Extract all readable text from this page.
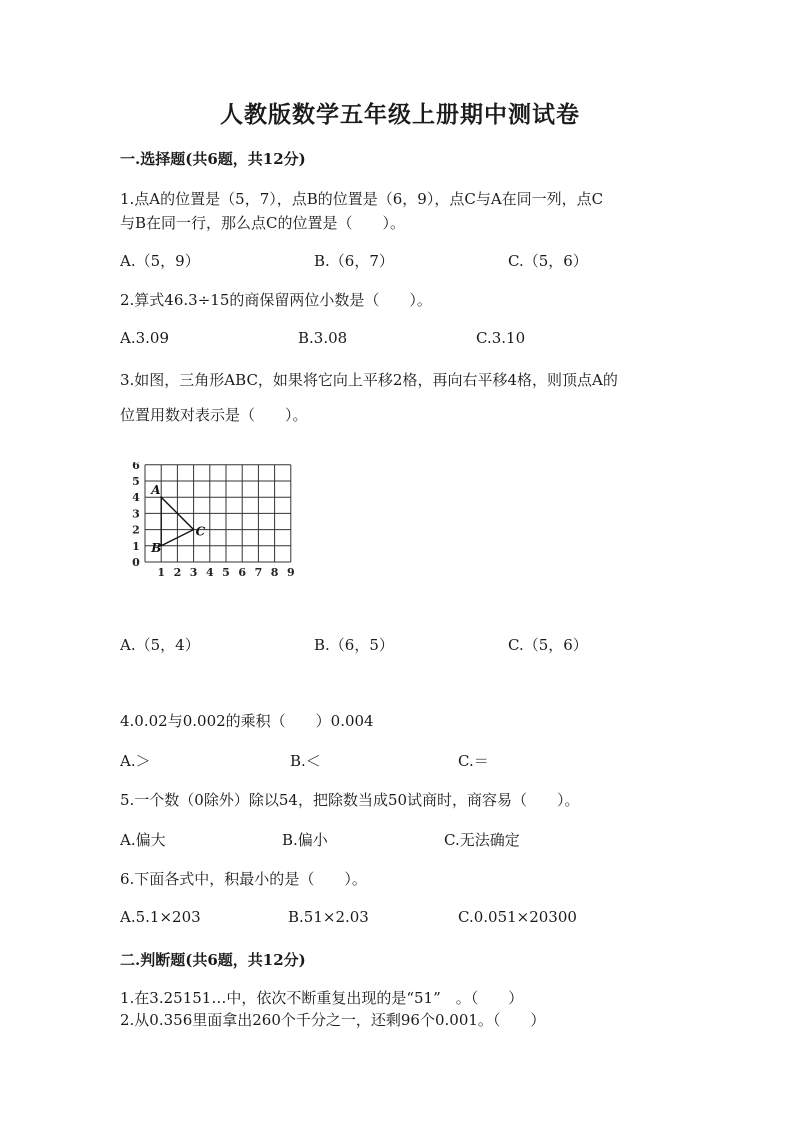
人教版数学五年级上册期中测试卷
一.选择题(共6题，共12分)
1.点A的位置是（5，7），点B的位置是（6，9），点C与A在同一列，点C
与B在同一行，那么点C的位置是（　　）。
A.（5，9）	B.（6，7）	C.（5，6）
2.算式46.3÷15的商保留两位小数是（　　）。
A.3.09	B.3.08	C.3.10
3.如图，三角形ABC，如果将它向上平移2格，再向右平移4格，则顶点A的
位置用数对表示是（　　）。
1 2 3 4 5 6 7 8 9
0
1
2
3
4
5
6
A
B
C
A.（5，4）	B.（6，5）	C.（5，6）
4.0.02与0.002的乘积（　　）0.004
A.＞	B.＜	C.＝
5.一个数（0除外）除以54，把除数当成50试商时，商容易（　　）。
A.偏大	B.偏小	C.无法确定
6.下面各式中，积最小的是（　　）。
A.5.1×203	B.51×2.03	C.0.051×20300
二.判断题(共6题，共12分)
1.在3.25151…中，依次不断重复出现的是“51”　。（　　）
2.从0.356里面拿出260个千分之一，还剩96个0.001。（　　）
